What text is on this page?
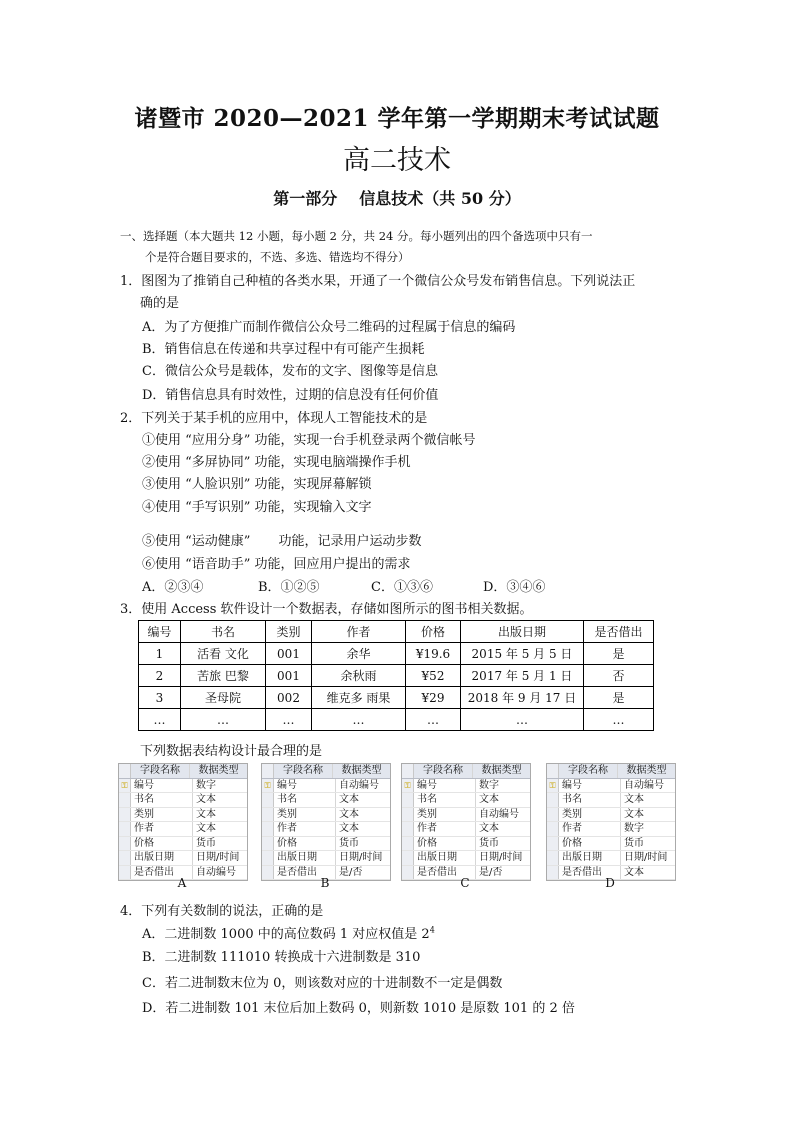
诸暨市 2020—2021 学年第一学期期末考试试题
高二技术
第一部分 信息技术（共 50 分）
一、选择题（本大题共 12 小题，每小题 2 分，共 24 分。每小题列出的四个备选项中只有一
个是符合题目要求的，不选、多选、错选均不得分）
1．图图为了推销自己种植的各类水果，开通了一个微信公众号发布销售信息。下列说法正
确的是
A．为了方便推广而制作微信公众号二维码的过程属于信息的编码
B．销售信息在传递和共享过程中有可能产生损耗
C．微信公众号是载体，发布的文字、图像等是信息
D．销售信息具有时效性，过期的信息没有任何价值
2．下列关于某手机的应用中，体现人工智能技术的是
①使用 “应用分身” 功能，实现一台手机登录两个微信帐号
②使用 “多屏协同” 功能，实现电脑端操作手机
③使用 “人脸识别” 功能，实现屏幕解锁
④使用 “手写识别” 功能，实现输入文字
⑤使用 “运动健康” 功能，记录用户运动步数
⑥使用 “语音助手” 功能，回应用户提出的需求
A．②③④	B．①②⑤	C．①③⑥	D．③④⑥
3．使用 Access 软件设计一个数据表，存储如图所示的图书相关数据。
编号	书名	类别	作者	价格	出版日期	是否借出
1	活看 文化	001	余华	¥19.6	2015 年 5 月 5 日	是
2	苦旅 巴黎	001	余秋雨	¥52	2017 年 5 月 1 日	否
3	圣母院	002	维克多 雨果	¥29	2018 年 9 月 17 日	是
…	…	…	…	…	…	…
下列数据表结构设计最合理的是
字段名称	数据类型
⚿ 编号	数字
书名	文本
类别	文本
作者	文本
价格	货币
出版日期	日期/时间
是否借出	自动编号
字段名称	数据类型
⚿ 编号	自动编号
书名	文本
类别	文本
作者	文本
价格	货币
出版日期	日期/时间
是否借出	是/否
字段名称	数据类型
⚿ 编号	数字
书名	文本
类别	自动编号
作者	文本
价格	货币
出版日期	日期/时间
是否借出	是/否
字段名称	数据类型
⚿ 编号	自动编号
书名	文本
类别	文本
作者	数字
价格	货币
出版日期	日期/时间
是否借出	文本
A	B	C	D
4．下列有关数制的说法，正确的是
A．二进制数 1000 中的高位数码 1 对应权值是 $2^4$
B．二进制数 111010 转换成十六进制数是 310
C．若二进制数末位为 0，则该数对应的十进制数不一定是偶数
D．若二进制数 101 末位后加上数码 0，则新数 1010 是原数 101 的 2 倍
